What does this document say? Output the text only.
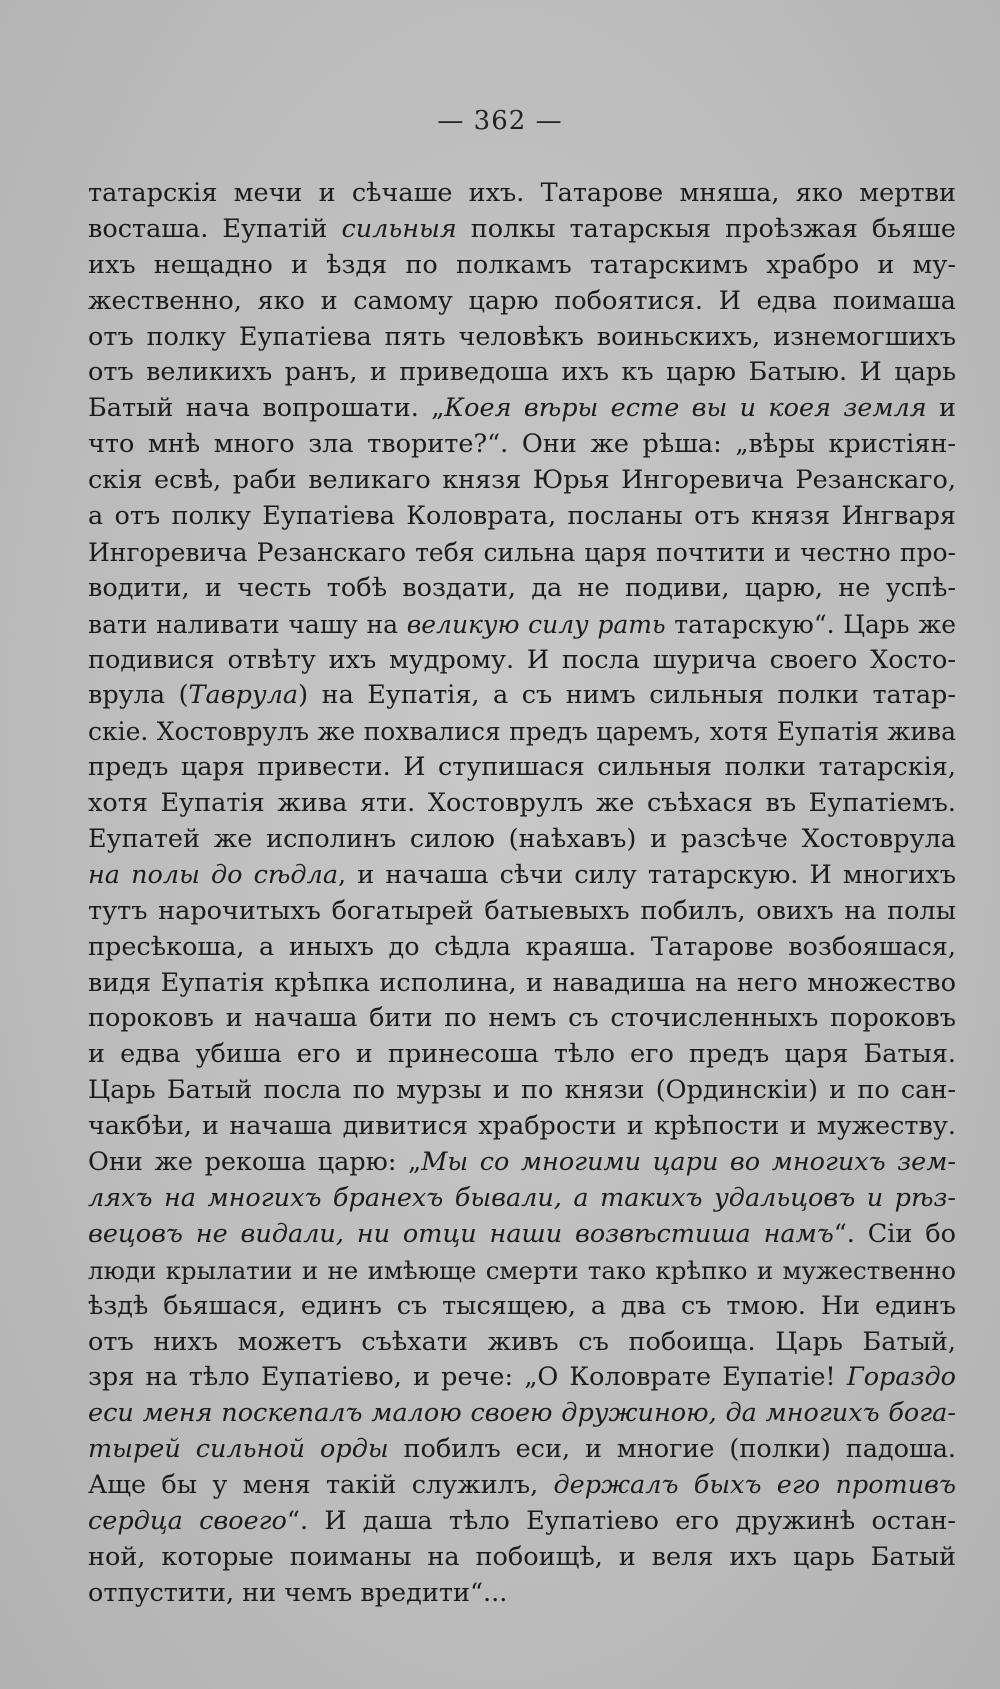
— 362 —
татарскія мечи и сѣчаше ихъ. Татарове мняша, яко мертви
восташа. Еупатій сильныя полкы татарскыя проѣзжая бьяше
ихъ нещадно и ѣздя по полкамъ татарскимъ храбро и му-
жественно, яко и самому царю побоятися. И едва поимаша
отъ полку Еупатіева пять человѣкъ воиньскихъ, изнемогшихъ
отъ великихъ ранъ, и приведоша ихъ къ царю Батыю. И царь
Батый нача вопрошати. „Коея вѣры есте вы и коея земля и
что мнѣ много зла творите?“. Они же рѣша: „вѣры кристіян-
скія есвѣ, раби великаго князя Юрья Ингоревича Резанскаго,
а отъ полку Еупатіева Коловрата, посланы отъ князя Ингваря
Ингоревича Резанскаго тебя сильна царя почтити и честно про-
водити, и честь тобѣ воздати, да не подиви, царю, не успѣ-
вати наливати чашу на великую силу рать татарскую“. Царь же
подивися отвѣту ихъ мудрому. И посла шурича своего Хосто-
врула (Таврула) на Еупатія, а съ нимъ сильныя полки татар-
скіе. Хостоврулъ же похвалися предъ царемъ, хотя Еупатія жива
предъ царя привести. И ступишася сильныя полки татарскія,
хотя Еупатія жива яти. Хостоврулъ же съѣхася въ Еупатіемъ.
Еупатей же исполинъ силою (наѣхавъ) и разсѣче Хостоврула
на полы до сѣдла, и начаша сѣчи силу татарскую. И многихъ
тутъ нарочитыхъ богатырей батыевыхъ побилъ, овихъ на полы
пресѣкоша, а иныхъ до сѣдла краяша. Татарове возбояшася,
видя Еупатія крѣпка исполина, и навадиша на него множество
пороковъ и начаша бити по немъ съ сточисленныхъ пороковъ
и едва убиша его и принесоша тѣло его предъ царя Батыя.
Царь Батый посла по мурзы и по князи (Ординскіи) и по сан-
чакбѣи, и начаша дивитися храбрости и крѣпости и мужеству.
Они же рекоша царю: „Мы со многими цари во многихъ зем-
ляхъ на многихъ бранехъ бывали, а такихъ удальцовъ и рѣз-
вецовъ не видали, ни отци наши возвѣстиша намъ“. Сіи бо
люди крылатии и не имѣюще смерти тако крѣпко и мужественно
ѣздѣ бьяшася, единъ съ тысящею, а два съ тмою. Ни единъ
отъ нихъ можетъ съѣхати живъ съ побоища. Царь Батый,
зря на тѣло Еупатіево, и рече: „О Коловрате Еупатіе! Гораздо
еси меня поскепалъ малою своею дружиною, да многихъ бога-
тырей сильной орды побилъ еси, и многие (полки) падоша.
Аще бы у меня такій служилъ, держалъ быхъ его противъ
сердца своего“. И даша тѣло Еупатіево его дружинѣ остан-
ной, которые поиманы на побоищѣ, и веля ихъ царь Батый
отпустити, ни чемъ вредити“...
